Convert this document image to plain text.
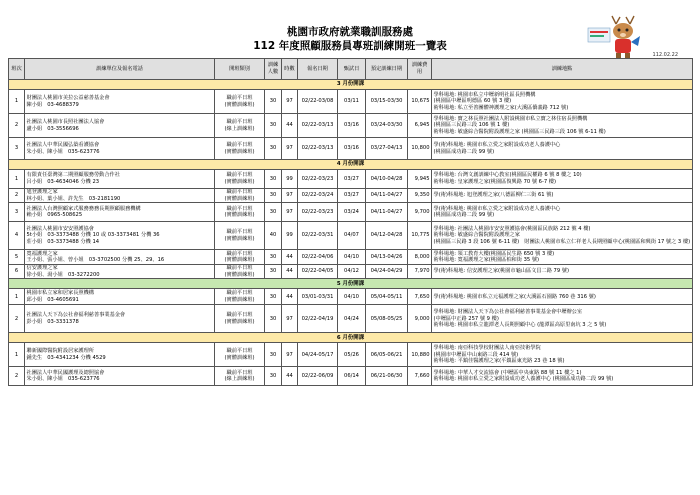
桃園市政府就業職訓服務處
112 年度照顧服務員專班訓練開班一覽表
112.02.22
班次	訓練單位及報名電話	開班類別	訓練人數	時數	報名日期	甄試日	預定訓練日期	訓練費用	訓練地點
3 月份開課									

1	財團法人桃園市美拉公益慈善基金會
陳小姐　03-4688379	職前平日班
(實體訓練班)	30	97	02/22-03/08	03/11	03/15-03/30	10,675	學科場地: 桃園市私立中壢新明社區長照機構
(桃園區中壢區明德區 60 號 3 樓)
術科場地: 私立至善團體神護理之家(大溪區僑義路 712 號)

2	社團法人桃園市長照社團法人協會
盧小姐　03-3556696	職前平日班
(線上訓練班)	30	44	02/22-03/13	03/16	03/24-03/30	6,945	學科場地: 寶之林長照社團法人附設桃園市私立寶之林住宿長照機構
(桃園區三民路三段 106 號 1 樓)
術科場地: 敏盛綜合醫院附設護理之家 (桃園區三民路三段 106 號 6-11 樓)

3	社團法人中華民國弘築看護協會
朱小姐、陳小姐　035-623776	職前平日班
(實體訓練班)	30	97	02/22-03/13	03/16	03/27-04/13	10,800	學(術)科場地: 桃園市私立愛之家附設成功老人養護中心
(桃園區成功路二段 99 號)

4 月份開課									

1	有限責任臺灣第二期照顧服務勞動合作社
呂小姐　03-4634046 分機 23	職前平日班
(實體訓練班)	30	99	02/22-03/23	03/27	04/10-04/28	9,945	學科場地: 台灣文創訓練中心教室(桃園區民權路 6 號 8 樓之 10)
術科場地: 皇家護理之家(桃園區復興路 70 號 6-7 樓)

2	旭登護理之家
林小姐、葉小姐、許先生　03-2181190	職前平日班
(實體訓練班)	30	97	02/22-03/24	03/27	04/11-04/27	9,350	學(術)科場地: 旭登護理之家(八德區柳仁三街 61 號)

3	社團法人台灣照顧家式服務務務長期照顧服務機構
賴小姐　0965-508625	職前平日班
(實體訓練班)	30	97	02/22-03/23	03/24	04/11-04/27	9,700	學(術)科場地: 桃園市私立愛之家附設成功老人養護中心
(桃園區成功路二段 99 號)

4	社團法人桃園市安安照護協會
5t小姐　03-3373488 分機 10 或 03-3373481 分機 36
莊小姐　03-3373488 分機 14	職前平日班
(實體訓練班)	40	99	02/22-03/31	04/07	04/12-04/28	10,775	學科場地: 社團法人桃園市安安照護協會(桃園區民族路 212 號 4 樓)
術科場地: 敏盛綜合醫院附設護理之家
(桃園區三民路 3 段 106 號 6-11 樓)　財團法人桃園市私立仁祥老人長期照顧中心(桃園區和興街 17 號之 3 樓)

5	寬福護理之家
王小姐、張小姐、曾小姐　03-3702500 分機 25、29、16	職前平日班
(實體訓練班)	30	44	02/22-04/06	04/10	04/13-04/26	8,000	學科場地: 領工教育大樓(桃園區民生路 650 號 3 樓)
術科場地: 寬福護理之家(桃園區柏和街 35 號)

6	信安護理之家
徐小姐、湯小姐　03-3272200	職前平日班
(實體訓練班)	30	44	02/22-04/05	04/12	04/24-04/29	7,970	學(術)科場地: 信安護理之家(桃園市龜山區文昌二路 79 號)

5 月份開課									

1	桃園市私立家和居家長照機構
邱小姐　03-4605691	職前平日班
(實體訓練班)	30	44	03/01-03/31	04/10	05/04-05/11	7,650	學(術)科場地: 桃園市私立元福護理之家(大溪區石園路 760 巷 316 號)

2	社團法人天下為公社會福利慈善事業基金會
彭小姐　03-3331378	職前平日班
(實體訓練班)	30	97	02/22-04/19	04/24	05/08-05/25	9,000	學科場地: 財團法人天下為公社會福利慈善事業基金會中壢辦公室
(中壢區中正路 257 號 9 樓)
術科場地: 桃園市私立龍潭老人長期照顧中心 (龍潭區高原里南坑 3 之 5 號)

6 月份開課									

1	聯新國際醫院附設居家護理所
鍾先生　03-4341234 分機 4529	職前平日班
(實體訓練班)	30	97	04/24-05/17	05/26	06/05-06/21	10,880	學科場地: 南亞科技學校財團法人南亞技術學院
(桃園市中壢區中山東路三段 414 號)
術科場地: 平鎮佳醫護理之家(平鎮區東光路 23 巷 18 號)

2	社團法人中華民國護理及總照協會
朱小姐、陳小姐　035-623776	職前平日班
(線上訓練班)	30	44	02/22-06/09	06/14	06/21-06/30	7,660	學科場地: 中華人才交流協會 (中壢區中央東路 88 號 11 樓之 1)
術科場地: 桃園市私立愛之家附設成功老人養護中心 (桃園區成功路二段 99 號)
